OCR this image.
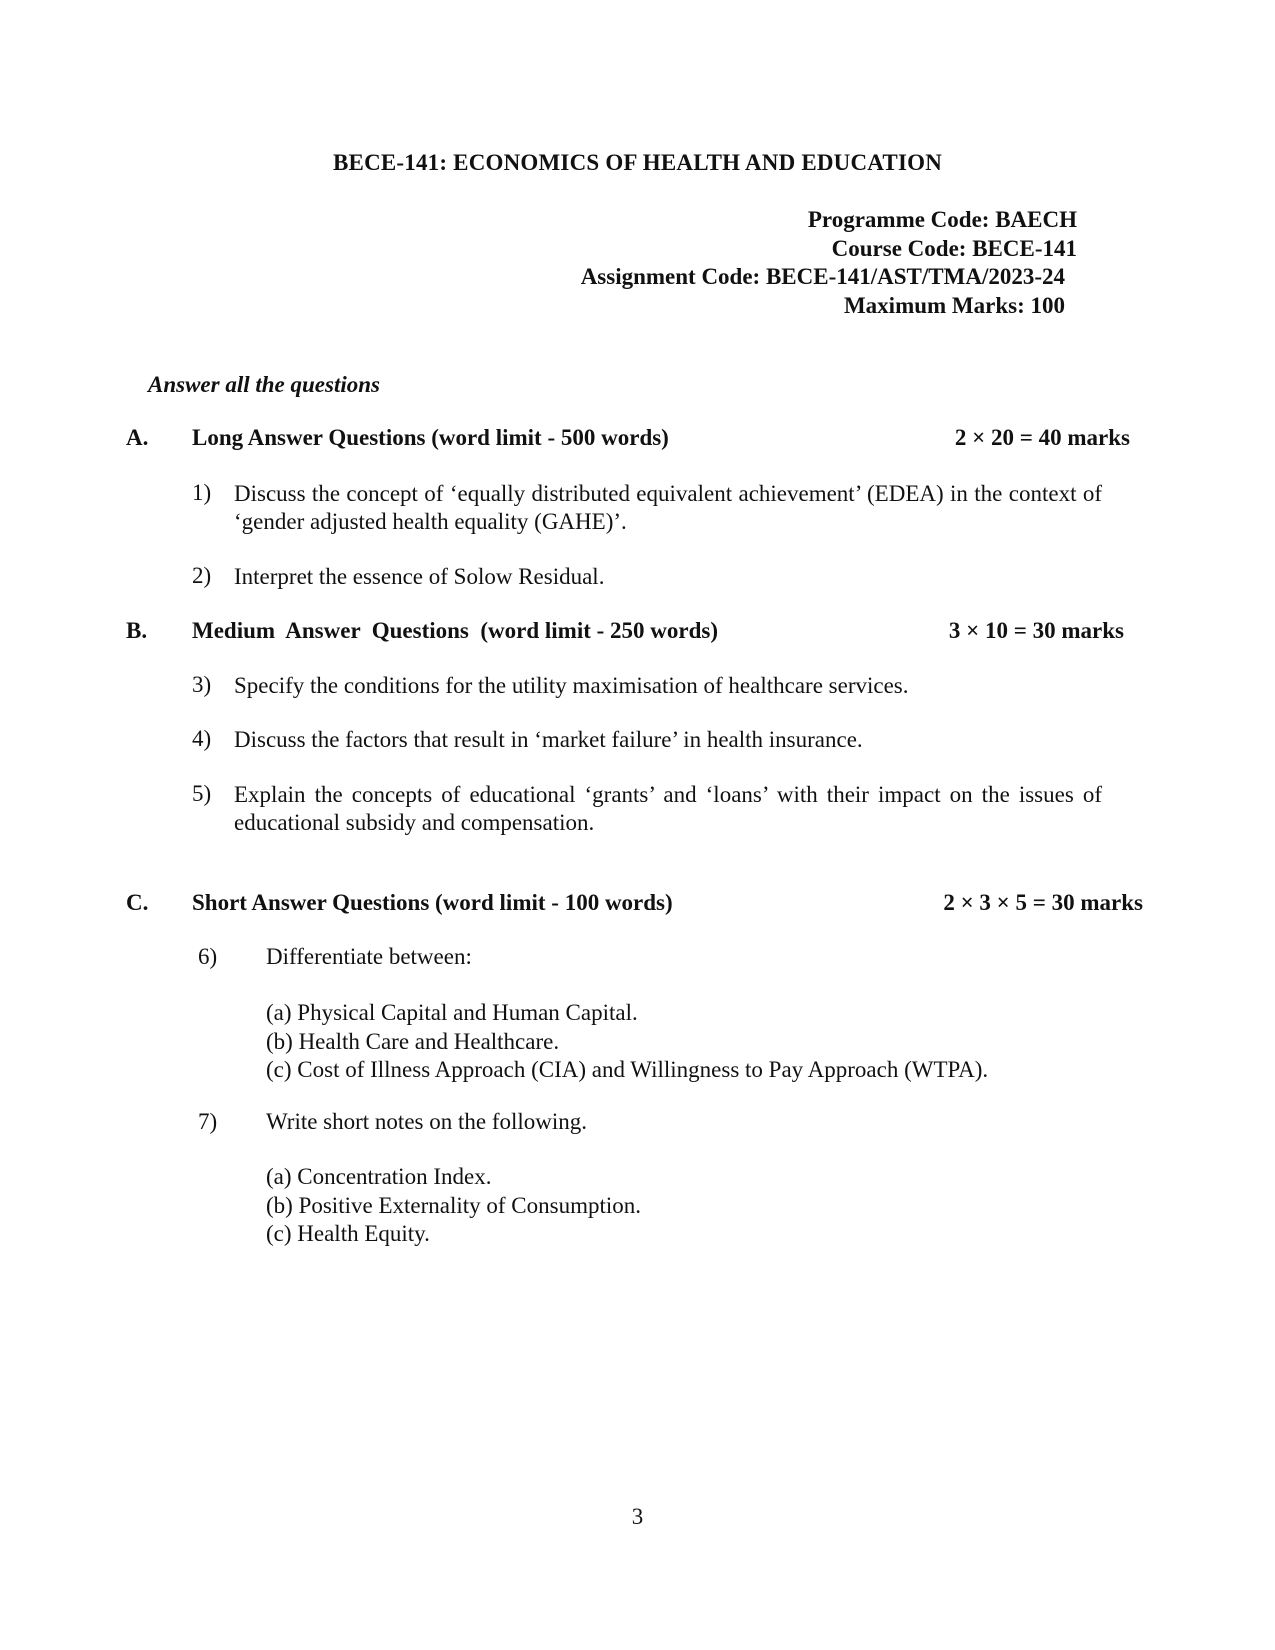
BECE-141: ECONOMICS OF HEALTH AND EDUCATION
Programme Code: BAECH
Course Code: BECE-141
Assignment Code: BECE-141/AST/TMA/2023-24
Maximum Marks: 100
Answer all the questions
A. Long Answer Questions (word limit - 500 words)	2 × 20 = 40 marks
1) Discuss the concept of ‘equally distributed equivalent achievement’ (EDEA) in the context of ‘gender adjusted health equality (GAHE)’.
2) Interpret the essence of Solow Residual.
B. Medium  Answer  Questions  (word limit - 250 words)	3 × 10 = 30 marks
3) Specify the conditions for the utility maximisation of healthcare services.
4) Discuss the factors that result in ‘market failure’ in health insurance.
5) Explain the concepts of educational ‘grants’ and ‘loans’ with their impact on the issues of educational subsidy and compensation.
C. Short Answer Questions (word limit - 100 words)	2 × 3 × 5 = 30 marks
6) Differentiate between:
(a) Physical Capital and Human Capital.
(b) Health Care and Healthcare.
(c) Cost of Illness Approach (CIA) and Willingness to Pay Approach (WTPA).
7) Write short notes on the following.
(a) Concentration Index.
(b) Positive Externality of Consumption.
(c) Health Equity.
3
